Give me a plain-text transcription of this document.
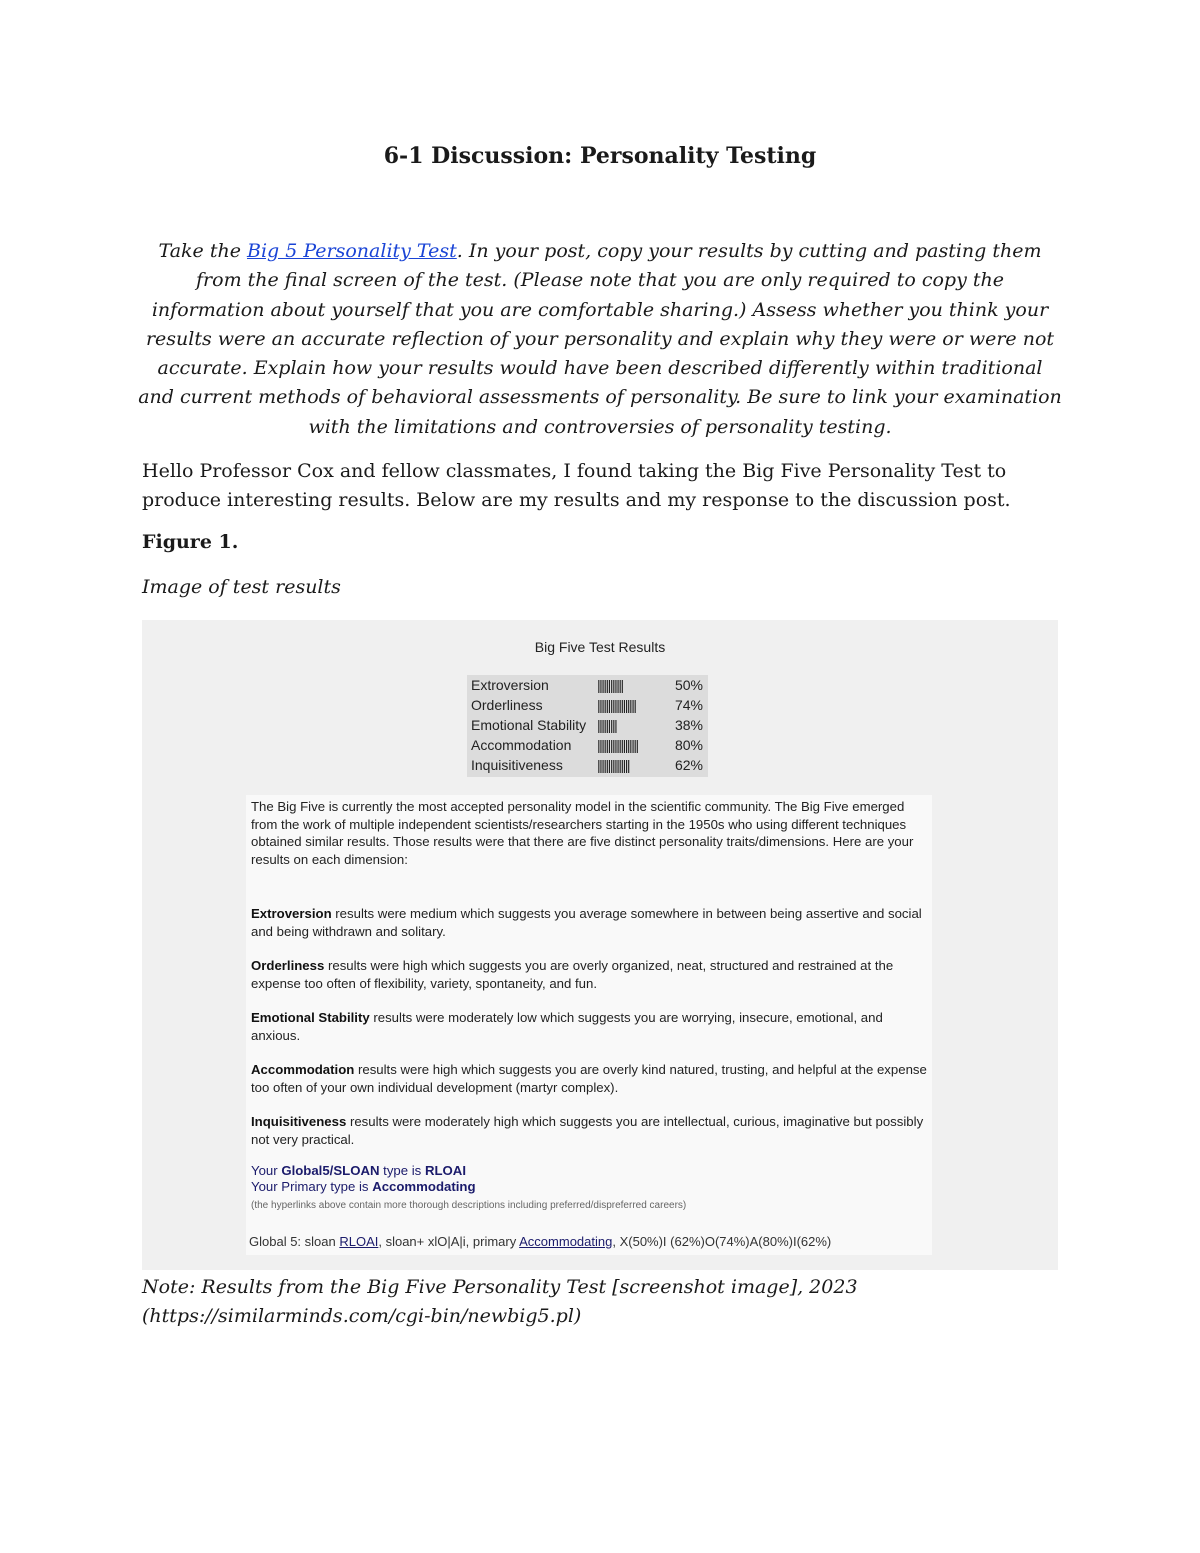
6-1 Discussion: Personality Testing

Take the Big 5 Personality Test. In your post, copy your results by cutting and pasting them from the final screen of the test. (Please note that you are only required to copy the information about yourself that you are comfortable sharing.) Assess whether you think your results were an accurate reflection of your personality and explain why they were or were not accurate. Explain how your results would have been described differently within traditional and current methods of behavioral assessments of personality. Be sure to link your examination with the limitations and controversies of personality testing.

Hello Professor Cox and fellow classmates, I found taking the Big Five Personality Test to produce interesting results. Below are my results and my response to the discussion post.

Figure 1.

Image of test results

Big Five Test Results
Extroversion	||||||||||||	50%
Orderliness	||||||||||||||||||	74%
Emotional Stability |||||||||	38%
Accommodation |||||||||||||||||||	80%
Inquisitiveness |||||||||||||||	62%

The Big Five is currently the most accepted personality model in the scientific community. The Big Five emerged from the work of multiple independent scientists/researchers starting in the 1950s who using different techniques obtained similar results. Those results were that there are five distinct personality traits/dimensions. Here are your results on each dimension:

Extroversion results were medium which suggests you average somewhere in between being assertive and social and being withdrawn and solitary.

Orderliness results were high which suggests you are overly organized, neat, structured and restrained at the expense too often of flexibility, variety, spontaneity, and fun.

Emotional Stability results were moderately low which suggests you are worrying, insecure, emotional, and anxious.

Accommodation results were high which suggests you are overly kind natured, trusting, and helpful at the expense too often of your own individual development (martyr complex).

Inquisitiveness results were moderately high which suggests you are intellectual, curious, imaginative but possibly not very practical.

Your Global5/SLOAN type is RLOAI
Your Primary type is Accommodating

(the hyperlinks above contain more thorough descriptions including preferred/dispreferred careers)
Global 5: sloan RLOAI, sloan+ xlO|A|i, primary Accommodating, X(50%)I (62%)O(74%)A(80%)I(62%)

Note: Results from the Big Five Personality Test [screenshot image], 2023 (https://similarminds.com/cgi-bin/newbig5.pl)
